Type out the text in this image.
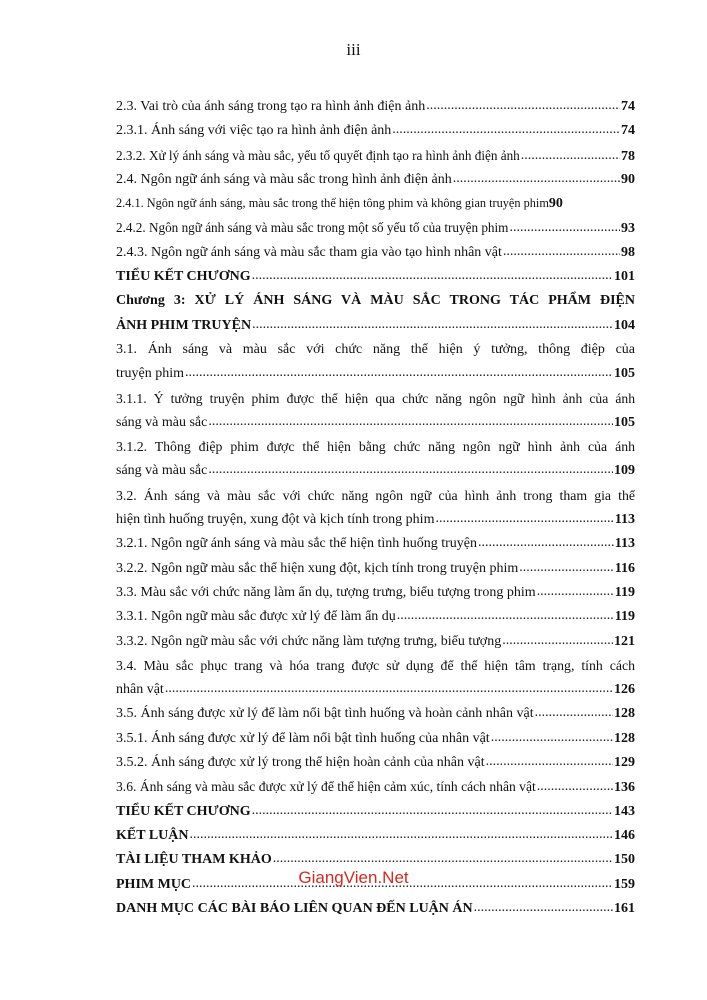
iii
2.3. Vai trò của ánh sáng trong tạo ra hình ảnh điện ảnh .....	74
2.3.1. Ánh sáng với việc tạo ra hình ảnh điện ảnh .....	74
2.3.2. Xử lý ánh sáng và màu sắc, yếu tố quyết định tạo ra hình ảnh điện ảnh .....	78
2.4. Ngôn ngữ ánh sáng và màu sắc trong hình ảnh điện ảnh .....	90
2.4.1. Ngôn ngữ ánh sáng, màu sắc trong thể hiện tông phim và không gian truyện phim 90
2.4.2. Ngôn ngữ ánh sáng và màu sắc trong một số yếu tố của truyện phim .....	93
2.4.3. Ngôn ngữ ánh sáng và màu sắc tham gia vào tạo hình nhân vật .....	98
TIỂU KẾT CHƯƠNG .....	101
Chương 3: XỬ LÝ ÁNH SÁNG VÀ MÀU SẮC TRONG TÁC PHẨM ĐIỆN
ẢNH PHIM TRUYỆN .....	104
3.1. Ánh sáng và màu sắc với chức năng thể hiện ý tưởng, thông điệp của
truyện phim .....	105
3.1.1. Ý tưởng truyện phim được thể hiện qua chức năng ngôn ngữ hình ảnh của ánh
sáng và màu sắc .....	105
3.1.2. Thông điệp phim được thể hiện bằng chức năng ngôn ngữ hình ảnh của ánh
sáng và màu sắc .....	109
3.2. Ánh sáng và màu sắc với chức năng ngôn ngữ của hình ảnh trong tham gia thể
hiện tình huống truyện, xung đột và kịch tính trong phim .....	113
3.2.1. Ngôn ngữ ánh sáng và màu sắc thể hiện tình huống truyện .....	113
3.2.2. Ngôn ngữ màu sắc thể hiện xung đột, kịch tính trong truyện phim .....	116
3.3. Màu sắc với chức năng làm ẩn dụ, tượng trưng, biểu tượng trong phim .....	119
3.3.1. Ngôn ngữ màu sắc được xử lý để làm ẩn dụ .....	119
3.3.2. Ngôn ngữ màu sắc với chức năng làm tượng trưng, biểu tượng .....	121
3.4. Màu sắc phục trang và hóa trang được sử dụng để thể hiện tâm trạng, tính cách
nhân vật .....	126
3.5. Ánh sáng được xử lý để làm nổi bật tình huống và hoàn cảnh nhân vật .....	128
3.5.1. Ánh sáng được xử lý để làm nổi bật tình huống của nhân vật .....	128
3.5.2. Ánh sáng được xử lý trong thể hiện hoàn cảnh của nhân vật .....	129
3.6. Ánh sáng và màu sắc được xử lý để thể hiện cảm xúc, tính cách nhân vật .....	136
TIỂU KẾT CHƯƠNG .....	143
KẾT LUẬN .....	146
TÀI LIỆU THAM KHẢO .....	150
PHIM MỤC .....	159
DANH MỤC CÁC BÀI BÁO LIÊN QUAN ĐẾN LUẬN ÁN .....	161
GiangVien.Net
